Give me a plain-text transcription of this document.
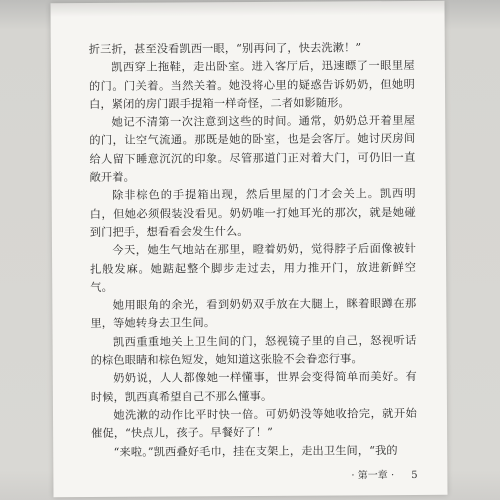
折三折，甚至没看凯西一眼，“别再问了，快去洗漱！”

凯西穿上拖鞋，走出卧室。进入客厅后，迅速瞟了一眼里屋的门。门关着。当然关着。她没将心里的疑惑告诉奶奶，但她明白，紧闭的房门跟手提箱一样奇怪，二者如影随形。

她记不清第一次注意到这些的时间。通常，奶奶总开着里屋的门，让空气流通。那既是她的卧室，也是会客厅。她讨厌房间给人留下睡意沉沉的印象。尽管那道门正对着大门，可仍旧一直敞开着。

除非棕色的手提箱出现，然后里屋的门才会关上。凯西明白，但她必须假装没看见。奶奶唯一打她耳光的那次，就是她碰到门把手，想看看会发生什么。

今天，她生气地站在那里，瞪着奶奶，觉得脖子后面像被针扎般发麻。她踮起整个脚步走过去，用力推开门，放进新鲜空气。

她用眼角的余光，看到奶奶双手放在大腿上，眯着眼蹲在那里，等她转身去卫生间。

凯西重重地关上卫生间的门，怒视镜子里的自己，怒视听话的棕色眼睛和棕色短发，她知道这张脸不会眷恋行事。

奶奶说，人人都像她一样懂事，世界会变得简单而美好。有时候，凯西真希望自己不那么懂事。

她洗漱的动作比平时快一倍。可奶奶没等她收拾完，就开始催促，“快点儿，孩子。早餐好了！”

“来啦。”凯西叠好毛巾，挂在支架上，走出卫生间，“我的

· 第一章 · 5
